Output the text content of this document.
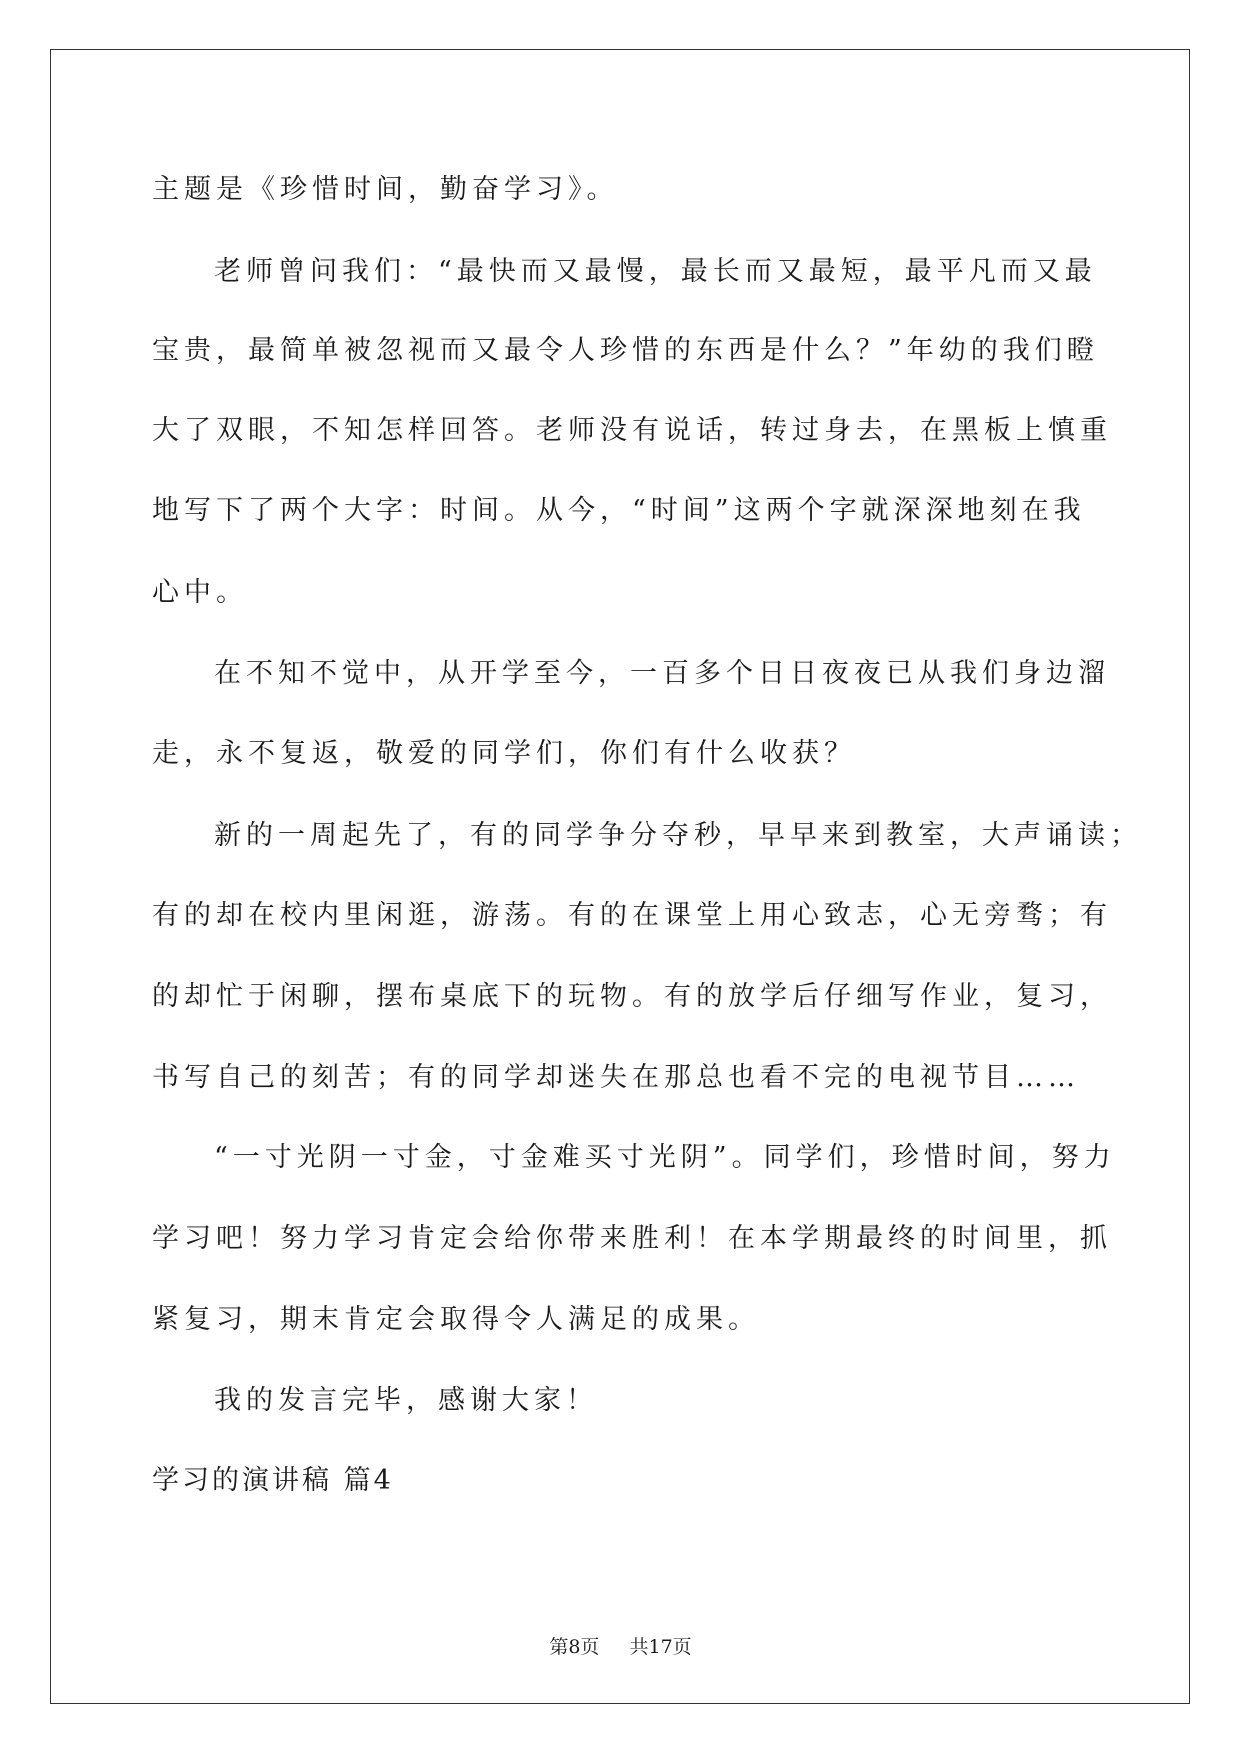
主题是《珍惜时间，勤奋学习》。
老师曾问我们：“最快而又最慢，最长而又最短，最平凡而又最
宝贵，最简单被忽视而又最令人珍惜的东西是什么？”年幼的我们瞪
大了双眼，不知怎样回答。老师没有说话，转过身去，在黑板上慎重
地写下了两个大字：时间。从今，“时间”这两个字就深深地刻在我
心中。
在不知不觉中，从开学至今，一百多个日日夜夜已从我们身边溜
走，永不复返，敬爱的同学们，你们有什么收获？
新的一周起先了，有的同学争分夺秒，早早来到教室，大声诵读；
有的却在校内里闲逛，游荡。有的在课堂上用心致志，心无旁骛；有
的却忙于闲聊，摆布桌底下的玩物。有的放学后仔细写作业，复习，
书写自己的刻苦；有的同学却迷失在那总也看不完的电视节目……
“一寸光阴一寸金，寸金难买寸光阴”。同学们，珍惜时间，努力
学习吧！努力学习肯定会给你带来胜利！在本学期最终的时间里，抓
紧复习，期末肯定会取得令人满足的成果。
我的发言完毕，感谢大家！
学习的演讲稿 篇4
第8页 共17页
